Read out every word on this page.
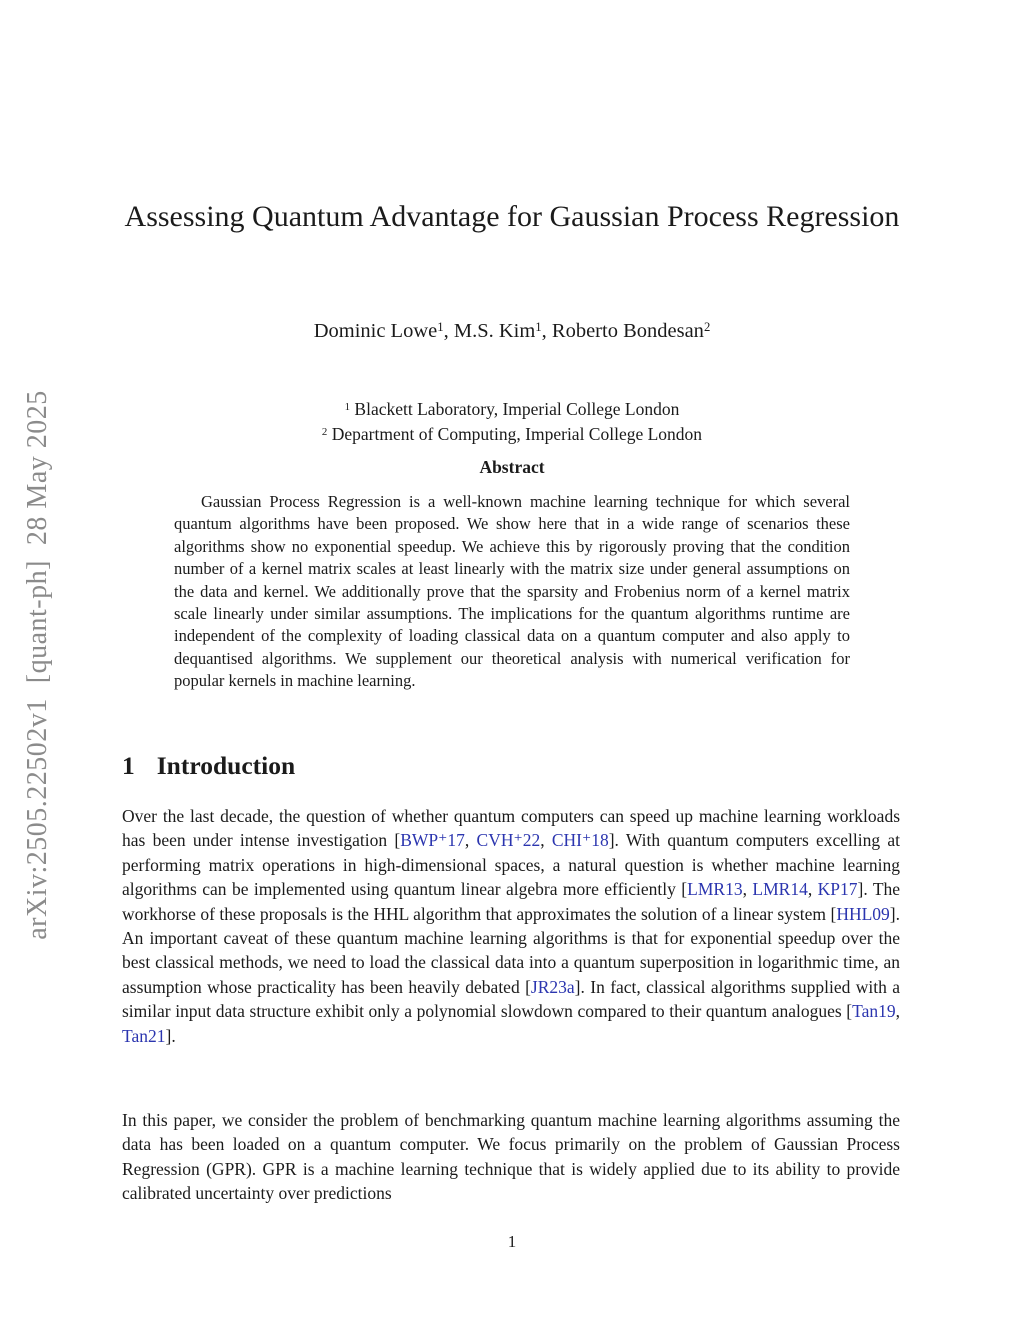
arXiv:2505.22502v1  [quant-ph]  28 May 2025
Assessing Quantum Advantage for Gaussian Process Regression
Dominic Lowe$^1$, M.S. Kim$^1$, Roberto Bondesan$^2$
$^1$ Blackett Laboratory, Imperial College London
$^2$ Department of Computing, Imperial College London
Abstract

Gaussian Process Regression is a well-known machine learning technique for which several quantum algorithms have been proposed. We show here that in a wide range of scenarios these algorithms show no exponential speedup. We achieve this by rigorously proving that the condition number of a kernel matrix scales at least linearly with the matrix size under general assumptions on the data and kernel. We additionally prove that the sparsity and Frobenius norm of a kernel matrix scale linearly under similar assumptions. The implications for the quantum algorithms runtime are independent of the complexity of loading classical data on a quantum computer and also apply to dequantised algorithms. We supplement our theoretical analysis with numerical verification for popular kernels in machine learning.

1 Introduction

Over the last decade, the question of whether quantum computers can speed up machine learning workloads has been under intense investigation [BWP⁺17, CVH⁺22, CHI⁺18]. With quantum computers excelling at performing matrix operations in high-dimensional spaces, a natural question is whether machine learning algorithms can be implemented using quantum linear algebra more efficiently [LMR13, LMR14, KP17]. The workhorse of these proposals is the HHL algorithm that approximates the solution of a linear system [HHL09]. An important caveat of these quantum machine learning algorithms is that for exponential speedup over the best classical methods, we need to load the classical data into a quantum superposition in logarithmic time, an assumption whose practicality has been heavily debated [JR23a]. In fact, classical algorithms supplied with a similar input data structure exhibit only a polynomial slowdown compared to their quantum analogues [Tan19, Tan21].

In this paper, we consider the problem of benchmarking quantum machine learning algorithms assuming the data has been loaded on a quantum computer. We focus primarily on the problem of Gaussian Process Regression (GPR). GPR is a machine learning technique that is widely applied due to its ability to provide calibrated uncertainty over predictions

1
